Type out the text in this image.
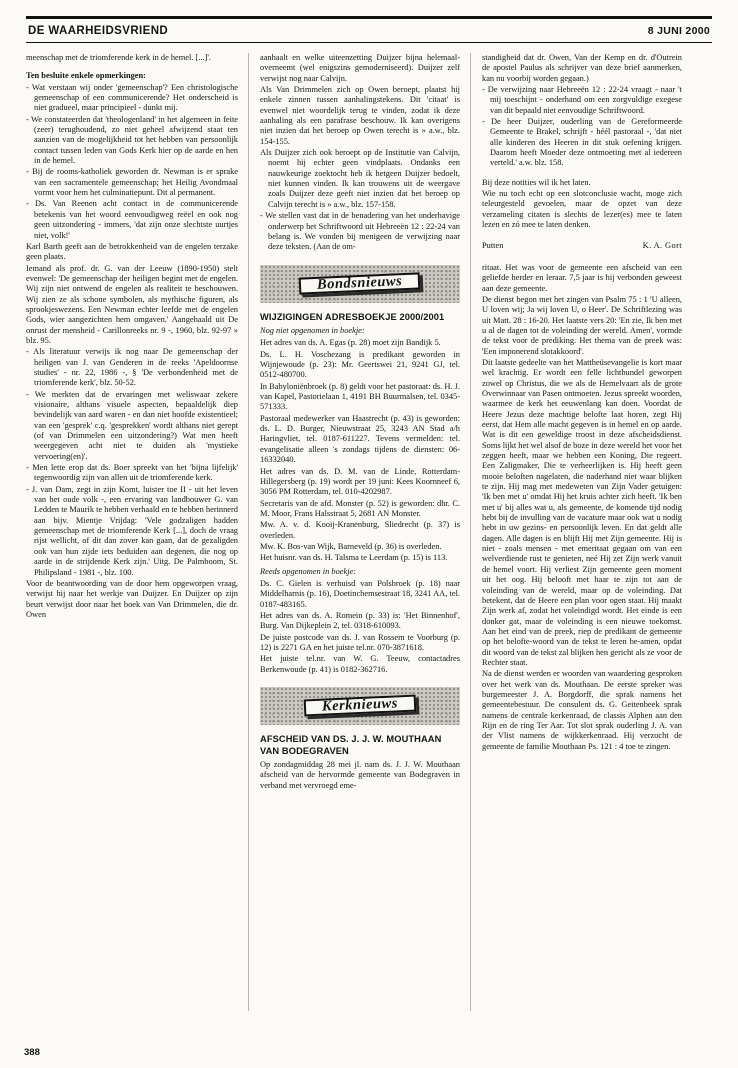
DE WAARHEIDSVRIEND	8 JUNI 2000

meenschap met de triomferende kerk in de hemel. [...]'.

Ten besluite enkele opmerkingen:

- Wat verstaan wij onder 'gemeenschap'? Een christologische gemeenschap of een communicerende? Het onderscheid is niet gradueel, maar principieel - dunkt mij.

- We constateerden dat 'theologenland' in het algemeen in feite (zeer) terughoudend, zo niet geheel afwijzend staat ten aanzien van de mogelijkheid tot het hebben van persoonlijk contact tussen leden van Gods Kerk hier op de aarde en hen in de hemel.

- Bij de rooms-katholiek geworden dr. Newman is er sprake van een sacramentele gemeenschap; het Heilig Avondmaal vormt voor hem het culminatiepunt. Dit al permanent.

- Ds. Van Reenen acht contact in de communicerende betekenis van het woord eenvoudigweg reëel en ook nog geen uitzondering - immers, 'dat zijn onze slechtste uurtjes niet, volk!'

Karl Barth geeft aan de betrokkenheid van de engelen terzake geen plaats.

Iemand als prof. dr. G. van der Leeuw (1890-1950) stelt evenwel: 'De gemeenschap der heiligen begint met de engelen. Wij zijn niet ontwend de engelen als realiteit te beschouwen. Wij zien ze als schone symbolen, als mythische figuren, als sprookjeswezens. Een Newman echter leefde met de engelen Gods, wier aangezichten hem omgaven.' Aangehaald uit De onrust der mensheid - Carillonreeks nr. 9 -, 1960, blz. 92-97 » blz. 95.

- Als literatuur verwijs ik nog naar De gemeenschap der heiligen van J. van Genderen in de reeks 'Apeldoornse studies' - nr. 22, 1986 -, § 'De verbondenheid met de triomferende kerk', blz. 50-52.

- We merkten dat de ervaringen met weliswaar zekere visionaire, althans visuele aspecten, bepaaldelijk diep bevindelijk van aard waren - en dan niet hoofde existentieel; van een 'gesprek' c.q. 'gesprekken' wordt althans niet gerept (of van Drimmelen een uitzondering?) Wat men heeft weergegeven acht niet te duiden als 'mystieke vervoering(en)'.

- Men lette erop dat ds. Boer spreekt van het 'bijna lijfelijk' tegenwoordig zijn van allen uit de triomferende kerk.

- J. van Dam, zegt in zijn Komt, luister toe II - uit het leven van het oude volk -, een ervaring van landbouwer G. van Ledden te Maurik te hebben verhaald en te hebben herinnerd aan bijv. Mientje Vrijdag: 'Vele godzaligen hadden gemeenschap met de triomferende Kerk [...], doch de vraag rijst wellicht, of dit dan zover kan gaan, dat de gezaligden ook van hun zijde iets beduiden aan degenen, die nog op aarde in de strijdende Kerk zijn.' Uitg. De Palmboom, St. Philipsland - 1981 -, blz. 100.

Voor de beantwoording van de door hem opgeworpen vraag, verwijst hij naar het werkje van Duijzer. En Duijzer op zijn beurt verwijst door naar het boek van Van Drimmelen, die dr. Owen

aanhaalt en welke uiteenzetting Duijzer bijna helemaal- overneemt (wel enigszins gemoderniseerd). Duijzer zelf verwijst nog naar Calvijn.

Als Van Drimmelen zich op Owen beroept, plaatst hij enkele zinnen tussen aanhalingstekens. Dit 'citaat' is evenwel niet woordelijk terug te vinden, zodat ik deze aanhaling als een parafrase beschouw. Ik kan overigens niet inzien dat het beroep op Owen terecht is » a.w., blz. 154-155.

Als Duijzer zich ook beroept op de Institutie van Calvijn, noemt hij echter geen vindplaats. Ondanks een nauwkeurige zoektocht heb ik hetgeen Duijzer bedoelt, niet kunnen vinden. Ik kan trouwens uit de weergave zoals Duijzer deze geeft niet inzien dat het beroep op Calvijn terecht is » a.w., blz. 157-158.

- We stellen vast dat in de benadering van het onderhavige onderwerp het Schriftwoord uit Hebreeën 12 : 22-24 van belang is. We vonden bij menigeen de verwijzing naar deze teksten. (Aan de om-

Bondsnieuws
WIJZIGINGEN ADRESBOEKJE 2000/2001

Nog niet opgenomen in boekje:

Het adres van ds. A. Egas (p. 28) moet zijn Bandijk 5.

Ds. L. H. Voschezang is predikant geworden in Wijnjewoude (p. 23): Mr. Geertswei 21, 9241 GJ, tel. 0512-480700.

In Babyloniënbroek (p. 8) geldt voor het pastoraat: ds. H. J. van Kapel, Pastorielaan 1, 4191 BH Buurmalsen, tel. 0345-571333.

Pastoraal medewerker van Haastrecht (p. 43) is geworden: ds. L. D. Burger, Nieuwstraat 25, 3243 AN Stad a/h Haringvliet, tel. 0187-611227. Tevens vermelden: tel. evangelisatie alleen 's zondags tijdens de diensten: 06-16332040.

Het adres van ds. D. M. van de Linde, Rotterdam-Hillegersberg (p. 19) wordt per 19 juni: Kees Koornneef 6, 3056 PM Rotterdam, tel. 010-4202987.

Secretaris van de afd. Monster (p. 52) is geworden: dhr. C. M. Moor, Frans Halsstraat 5, 2681 AN Monster.

Mw. A. v. d. Kooij-Kranenburg, Sliedrecht (p. 37) is overleden.

Mw. K. Bos-van Wijk, Barneveld (p. 36) is overleden.

Het huisnr. van ds. H. Talsma te Leerdam (p. 15) is 113.

Reeds opgenomen in boekje:

Ds. C. Gielen is verhuisd van Polsbroek (p. 18) naar Middelharnis (p. 16), Doetinchemsestraat 18, 3241 AA, tel. 0187-483165.

Het adres van ds. A. Romein (p. 33) is: 'Het Binnenhof', Burg. Van Dijkeplein 2, tel. 0318-610093.

De juiste postcode van ds. J. van Rossem te Voorburg (p. 12) is 2271 GA en het juiste tel.nr. 070-3871618.

Het juiste tel.nr. van W. G. Teeuw, contactadres Berkenwoude (p. 41) is 0182-362716.

Kerknieuws
AFSCHEID VAN DS. J. J. W. MOUTHAAN VAN BODEGRAVEN

Op zondagmiddag 28 mei jl. nam ds. J. J. W. Mouthaan afscheid van de hervormde gemeente van Bodegraven in verband met vervroegd eme-

standigheid dat dr. Owen, Van der Kemp en dr. d'Outrein de apostel Paulus als schrijver van deze brief aanmerken, kan nu voorbij worden gegaan.)

- De verwijzing naar Hebreeën 12 : 22-24 vraagt - naar 't mij toeschijnt - onderhand om een zorgvuldige exegese van dit bepaald niet eenvoudige Schriftwoord.

- De heer Duijzer, ouderling van de Gereformeerde Gemeente te Brakel, schrijft - héél pastoraal -, 'dat niet alle kinderen des Heeren in dit stuk oefening krijgen. Daarom heeft Moeder deze ontmoeting met al iedereen verteld.' a.w. blz. 158.

Bij deze notities wil ik het laten.

Wie nu toch echt op een slotconclusie wacht, moge zich teleurgesteld gevoelen, maar de opzet van deze verzameling citaten is slechts de lezer(es) mee te laten lezen en zó mee te laten denken.

Putten	K. A. Gort

ritaat. Het was voor de gemeente een afscheid van een geliefde herder en leraar. 7,5 jaar is hij verbonden geweest aan deze gemeente.

De dienst begon met het zingen van Psalm 75 : 1 'U alleen, U loven wij; Ja wij loven U, o Heer'. De Schriftlezing was uit Matt. 28 : 16-20. Het laatste vers 20: 'En zie, Ik ben met u al de dagen tot de voleinding der wereld. Amen', vormde de tekst voor de prediking. Het thema van de preek was: 'Een imponerend slotakkoord'.

Dit laatste gedeelte van het Mattheüsevangelie is kort maar wel krachtig. Er wordt een felle lichtbundel geworpen zowel op Christus, die we als de Hemelvaart als de grote Overwinnaar van Pasen ontmoeten. Jezus spreekt woorden, waarmee de kerk het eeuwenlang kan doen. Voordat de Heere Jezus deze machtige belofte laat horen, zegt Hij eerst, dat Hem alle macht gegeven is in hemel en op aarde. Wat is dit een geweldige troost in deze afscheidsdienst. Soms lijkt het wel alsof de boze in deze wereld het voor het zeggen heeft, maar we hebben een Koning, Die regeert. Een Zaligmaker, Die te verheerlijken is. Hij heeft geen mooie beloften nagelaten, die naderhand niet waar blijken te zijn. Hij mag met medeweten van Zijn Vader getuigen: 'Ik ben met u' omdat Hij het kruis achter zich heeft. 'Ik ben met u' bij alles wat u, als gemeente, de komende tijd nodig hebt bij de invulling van de vacature maar ook wat u nodig hebt in uw gezins- en persoonlijk leven. En dat geldt alle dagen. Alle dagen is en blijft Hij met Zijn gemeente. Hij is niet - zoals mensen - met emeritaat gegaan om van een welverdiende rust te genieten, neé Hij zet Zijn werk vanuit de hemel voort. Hij verliest Zijn gemeente geen moment uit het oog. Hij belooft met haar te zijn tot aan de voleinding van de wereld, maar op de voleinding. Dat betekent, dat de Heere een plan voor ogen staat. Hij maakt Zijn werk af, zodat het voleindigd wordt. Het einde is een donker gat, maar de voleinding is een nieuwe toekomst. Aan het eind van de preek, riep de predikant de gemeente op het belofte-woord van de tekst te leren be-amen, opdat dit woord van de tekst zal blijken hen gericht als ze voor de Rechter staat.

Na de dienst werden er woorden van waardering gesproken over het werk van ds. Mouthaan. De eerste spreker was burgemeester J. A. Borgdorff, die sprak namens het gemeentebestuur. De consulent ds. G. Geitenbeek sprak namens de centrale kerkenraad, de classis Alphen aan den Rijn en de ring Ter Aar. Tot slot sprak ouderling J. A. van der Vlist namens de wijkkerkenraad. Hij verzocht de gemeente de familie Mouthaan Ps. 121 : 4 toe te zingen.

388
